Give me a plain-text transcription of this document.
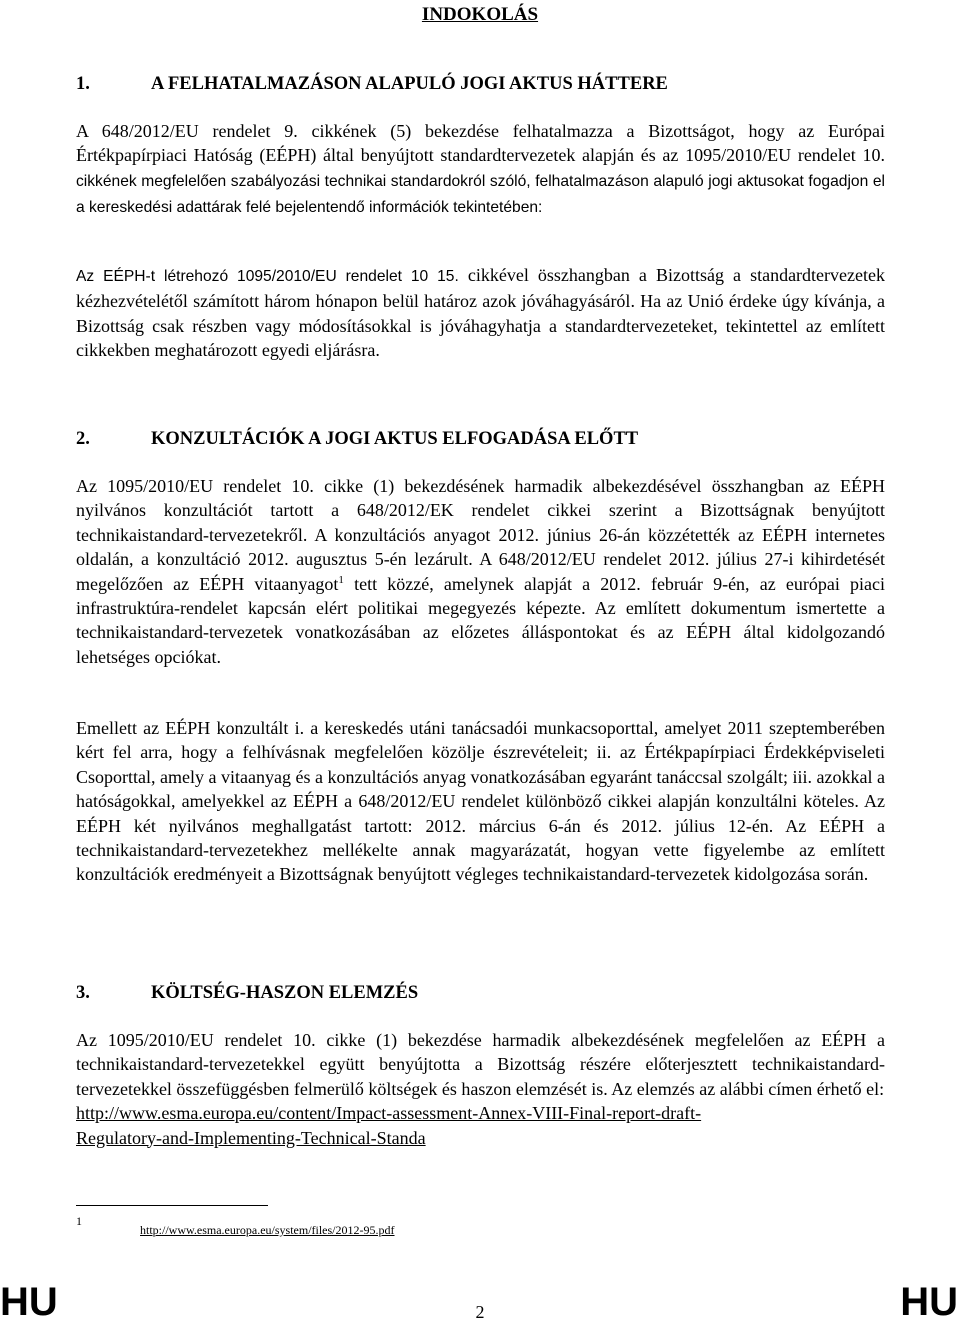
INDOKOLÁS
1.	A FELHATALMAZÁSON ALAPULÓ JOGI AKTUS HÁTTERE
A 648/2012/EU rendelet 9. cikkének (5) bekezdése felhatalmazza a Bizottságot, hogy az Európai Értékpapírpiaci Hatóság (EÉPH) által benyújtott standardtervezetek alapján és az 1095/2010/EU rendelet 10. cikkének megfelelően szabályozási technikai standardokról szóló, felhatalmazáson alapuló jogi aktusokat fogadjon el a kereskedési adattárak felé bejelentendő információk tekintetében:
Az EÉPH-t létrehozó 1095/2010/EU rendelet 10 15. cikkével összhangban a Bizottság a standardtervezetek kézhezvételétől számított három hónapon belül határoz azok jóváhagyásáról. Ha az Unió érdeke úgy kívánja, a Bizottság csak részben vagy módosításokkal is jóváhagyhatja a standardtervezeteket, tekintettel az említett cikkekben meghatározott egyedi eljárásra.
2.	KONZULTÁCIÓK A JOGI AKTUS ELFOGADÁSA ELŐTT
Az 1095/2010/EU rendelet 10. cikke (1) bekezdésének harmadik albekezdésével összhangban az EÉPH nyilvános konzultációt tartott a 648/2012/EK rendelet cikkei szerint a Bizottságnak benyújtott technikaistandard-tervezetekről. A konzultációs anyagot 2012. június 26-án közzétették az EÉPH internetes oldalán, a konzultáció 2012. augusztus 5-én lezárult. A 648/2012/EU rendelet 2012. július 27-i kihirdetését megelőzően az EÉPH vitaanyagot$^1$ tett közzé, amelynek alapját a 2012. február 9-én, az európai piaci infrastruktúra-rendelet kapcsán elért politikai megegyezés képezte. Az említett dokumentum ismertette a technikaistandard-tervezetek vonatkozásában az előzetes álláspontokat és az EÉPH által kidolgozandó lehetséges opciókat.
Emellett az EÉPH konzultált i. a kereskedés utáni tanácsadói munkacsoporttal, amelyet 2011 szeptemberében kért fel arra, hogy a felhívásnak megfelelően közölje észrevételeit; ii. az Értékpapírpiaci Érdekképviseleti Csoporttal, amely a vitaanyag és a konzultációs anyag vonatkozásában egyaránt tanáccsal szolgált; iii. azokkal a hatóságokkal, amelyekkel az EÉPH a 648/2012/EU rendelet különböző cikkei alapján konzultálni köteles. Az EÉPH két nyilvános meghallgatást tartott: 2012. március 6-án és 2012. július 12-én. Az EÉPH a technikaistandard-tervezetekhez mellékelte annak magyarázatát, hogyan vette figyelembe az említett konzultációk eredményeit a Bizottságnak benyújtott végleges technikaistandard-tervezetek kidolgozása során.
3.	KÖLTSÉG-HASZON ELEMZÉS
Az 1095/2010/EU rendelet 10. cikke (1) bekezdése harmadik albekezdésének megfelelően az EÉPH a technikaistandard-tervezetekkel együtt benyújtotta a Bizottság részére előterjesztett technikaistandard-tervezetekkel összefüggésben felmerülő költségek és haszon elemzését is. Az elemzés az alábbi címen érhető el:
http://www.esma.europa.eu/content/Impact-assessment-Annex-VIII-Final-report-draft-
Regulatory-and-Implementing-Technical-Standa
1
http://www.esma.europa.eu/system/files/2012-95.pdf
HU	2	HU
